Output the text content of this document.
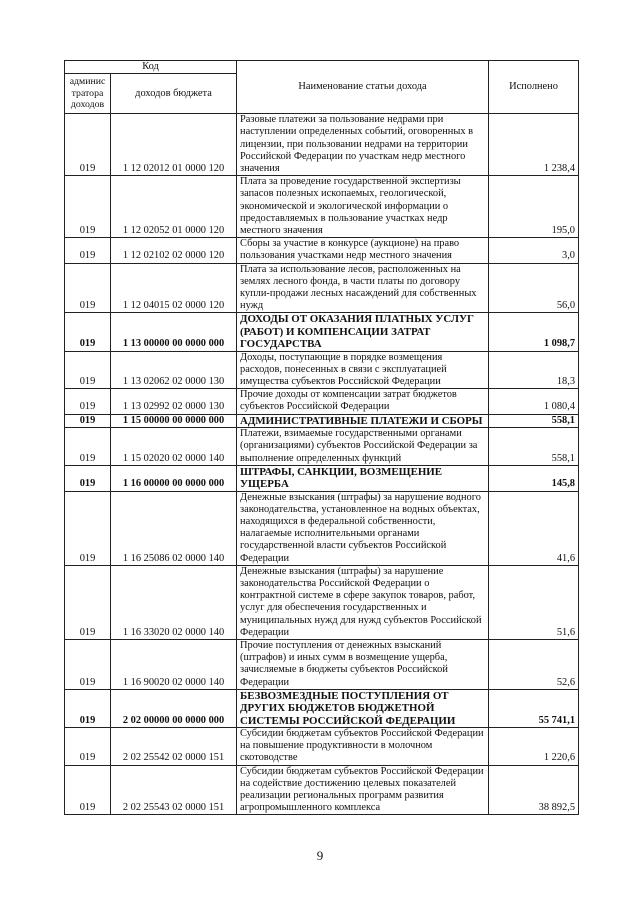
Код		Наименование статьи дохода	Исполнено
админис тратора доходов	доходов бюджета		
019	1 12 02012 01 0000 120	Разовые платежи за пользование недрами при наступлении определенных событий, оговоренных в лицензии, при пользовании недрами на территории Российской Федерации по участкам недр местного значения	1 238,4
019	1 12 02052 01 0000 120	Плата за проведение государственной экспертизы запасов полезных ископаемых, геологической, экономической и экологической информации о предоставляемых в пользование участках недр местного значения	195,0
019	1 12 02102 02 0000 120	Сборы за участие в конкурсе (аукционе) на право пользования участками недр местного значения	3,0
019	1 12 04015 02 0000 120	Плата за использование лесов, расположенных на землях лесного фонда, в части платы по договору купли-продажи лесных насаждений для собственных нужд	56,0
019	1 13 00000 00 0000 000	ДОХОДЫ ОТ ОКАЗАНИЯ ПЛАТНЫХ УСЛУГ (РАБОТ) И КОМПЕНСАЦИИ ЗАТРАТ ГОСУДАРСТВА	1 098,7
019	1 13 02062 02 0000 130	Доходы, поступающие в порядке возмещения расходов, понесенных в связи с эксплуатацией имущества субъектов Российской Федерации	18,3
019	1 13 02992 02 0000 130	Прочие доходы от компенсации затрат бюджетов субъектов Российской Федерации	1 080,4
019	1 15 00000 00 0000 000	АДМИНИСТРАТИВНЫЕ ПЛАТЕЖИ И СБОРЫ	558,1
019	1 15 02020 02 0000 140	Платежи, взимаемые государственными органами (организациями) субъектов Российской Федерации за выполнение определенных функций	558,1
019	1 16 00000 00 0000 000	ШТРАФЫ, САНКЦИИ, ВОЗМЕЩЕНИЕ УЩЕРБА	145,8
019	1 16 25086 02 0000 140	Денежные взыскания (штрафы) за нарушение водного законодательства, установленное на водных объектах, находящихся в федеральной собственности, налагаемые исполнительными органами государственной власти субъектов Российской Федерации	41,6
019	1 16 33020 02 0000 140	Денежные взыскания (штрафы) за нарушение законодательства Российской Федерации о контрактной системе в сфере закупок товаров, работ, услуг для обеспечения государственных и муниципальных нужд для нужд субъектов Российской Федерации	51,6
019	1 16 90020 02 0000 140	Прочие поступления от денежных взысканий (штрафов) и иных сумм в возмещение ущерба, зачисляемые в бюджеты субъектов Российской Федерации	52,6
019	2 02 00000 00 0000 000	БЕЗВОЗМЕЗДНЫЕ ПОСТУПЛЕНИЯ ОТ ДРУГИХ БЮДЖЕТОВ БЮДЖЕТНОЙ СИСТЕМЫ РОССИЙСКОЙ ФЕДЕРАЦИИ	55 741,1
019	2 02 25542 02 0000 151	Субсидии бюджетам субъектов Российской Федерации на повышение продуктивности в молочном скотоводстве	1 220,6
019	2 02 25543 02 0000 151	Субсидии бюджетам субъектов Российской Федерации на содействие достижению целевых показателей реализации региональных программ развития агропромышленного комплекса	38 892,5
9
